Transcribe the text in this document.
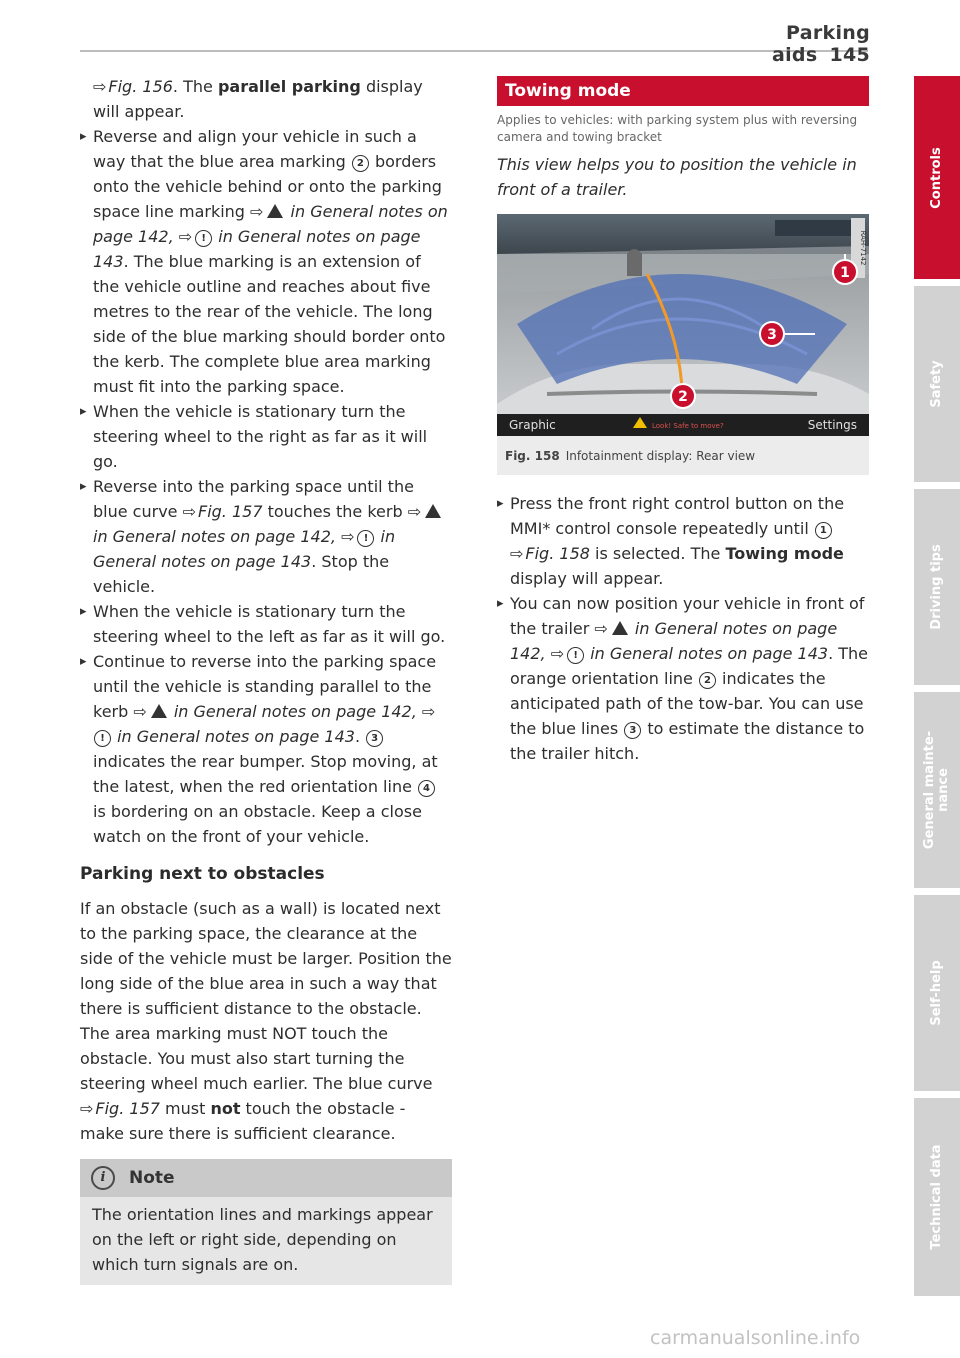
Parking aids 145

⇨ Fig. 156. The parallel parking display will appear.

▸ Reverse and align your vehicle in such a way that the blue area marking 2 borders onto the vehicle behind or onto the parking space line marking ⇨ in General notes on page 142, ⇨ ! in General notes on page 143. The blue marking is an extension of the vehicle outline and reaches about five metres to the rear of the vehicle. The long side of the blue marking should border onto the kerb. The complete blue area marking must fit into the parking space.

▸ When the vehicle is stationary turn the steering wheel to the right as far as it will go.

▸ Reverse into the parking space until the blue curve ⇨ Fig. 157 touches the kerb ⇨ in General notes on page 142, ⇨ ! in General notes on page 143. Stop the vehicle.

▸ When the vehicle is stationary turn the steering wheel to the left as far as it will go.

▸ Continue to reverse into the parking space until the vehicle is standing parallel to the kerb ⇨ in General notes on page 142, ⇨! in General notes on page 143. 3 indicates the rear bumper. Stop moving, at the latest, when the red orientation line 4 is bordering on an obstacle. Keep a close watch on the front of your vehicle.

Parking next to obstacles

If an obstacle (such as a wall) is located next to the parking space, the clearance at the side of the vehicle must be larger. Position the long side of the blue area in such a way that there is sufficient distance to the obstacle. The area marking must NOT touch the obstacle. You must also start turning the steering wheel much earlier. The blue curve ⇨ Fig. 157 must not touch the obstacle - make sure there is sufficient clearance.

i	Note
The orientation lines and markings appear on the left or right side, depending on which turn signals are on.
Towing mode
Applies to vehicles: with parking system plus with reversing camera and towing bracket

This view helps you to position the vehicle in front of a trailer.

RAH-7142
3
2
1
Graphic	Look! Safe to move?	Settings
Fig. 158 Infotainment display: Rear view

▸ Press the front right control button on the MMI* control console repeatedly until 1
⇨ Fig. 158 is selected. The Towing mode display will appear.

▸ You can now position your vehicle in front of the trailer ⇨ in General notes on page 142, ⇨ ! in General notes on page 143. The orange orientation line 2 indicates the anticipated path of the tow-bar. You can use the blue lines 3 to estimate the distance to the trailer hitch.

Controls
Safety
Driving tips
General mainte-nance
Self-help
Technical data
carmanualsonline.info
